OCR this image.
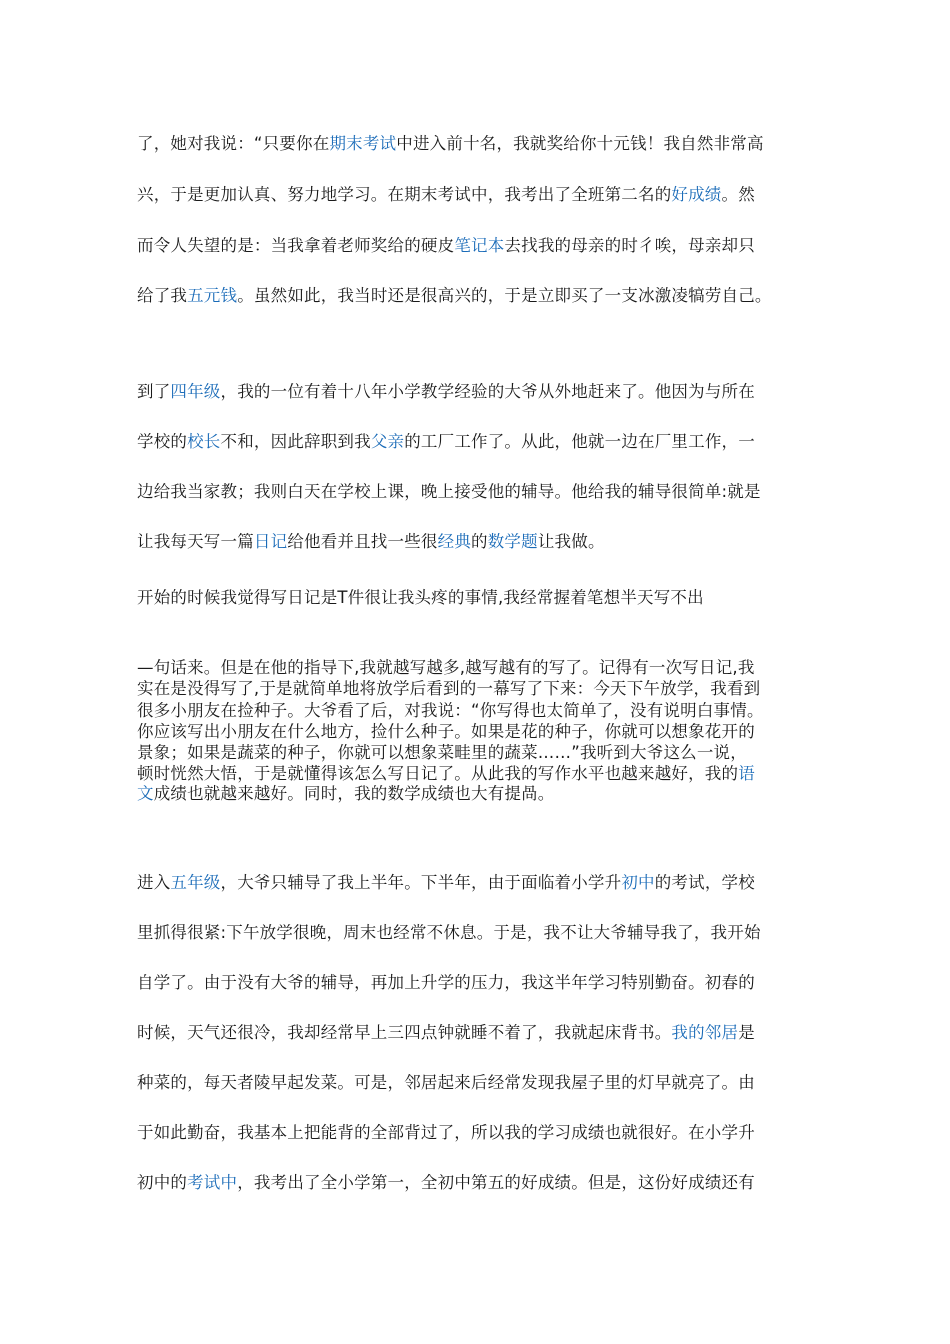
了，她对我说：“只要你在期末考试中进入前十名，我就奖给你十元钱！我自然非常高
兴，于是更加认真、努力地学习。在期末考试中，我考出了全班第二名的好成绩。然
而令人失望的是：当我拿着老师奖给的硬皮笔记本去找我的母亲的时彳唉，母亲却只
给了我五元钱。虽然如此，我当时还是很高兴的，于是立即买了一支冰激凌犒劳自己。
到了四年级，我的一位有着十八年小学教学经验的大爷从外地赶来了。他因为与所在
学校的校长不和，因此辞职到我父亲的工厂工作了。从此，他就一边在厂里工作，一
边给我当家教；我则白天在学校上课，晚上接受他的辅导。他给我的辅导很简单:就是
让我每天写一篇日记给他看并且找一些很经典的数学题让我做。
开始的时候我觉得写日记是T件很让我头疼的事情,我经常握着笔想半天写不出
—句话来。但是在他的指导下,我就越写越多,越写越有的写了。记得有一次写日记,我
实在是没得写了,于是就简单地将放学后看到的一幕写了下来：今天下午放学，我看到
很多小朋友在捡种子。大爷看了后，对我说：“你写得也太简单了，没有说明白事情。
你应该写出小朋友在什么地方，捡什么种子。如果是花的种子，你就可以想象花开的
景象；如果是蔬菜的种子，你就可以想象菜畦里的蔬菜……”我听到大爷这么一说，
顿时恍然大悟，于是就懂得该怎么写日记了。从此我的写作水平也越来越好，我的语
文成绩也就越来越好。同时，我的数学成绩也大有提咼。
进入五年级，大爷只辅导了我上半年。下半年，由于面临着小学升初中的考试，学校
里抓得很紧:下午放学很晚，周末也经常不休息。于是，我不让大爷辅导我了，我开始
自学了。由于没有大爷的辅导，再加上升学的压力，我这半年学习特别勤奋。初春的
时候，天气还很冷，我却经常早上三四点钟就睡不着了，我就起床背书。我的邻居是
种菜的，每天者陵早起发菜。可是，邻居起来后经常发现我屋子里的灯早就亮了。由
于如此勤奋，我基本上把能背的全部背过了，所以我的学习成绩也就很好。在小学升
初中的考试中，我考出了全小学第一，全初中第五的好成绩。但是，这份好成绩还有
